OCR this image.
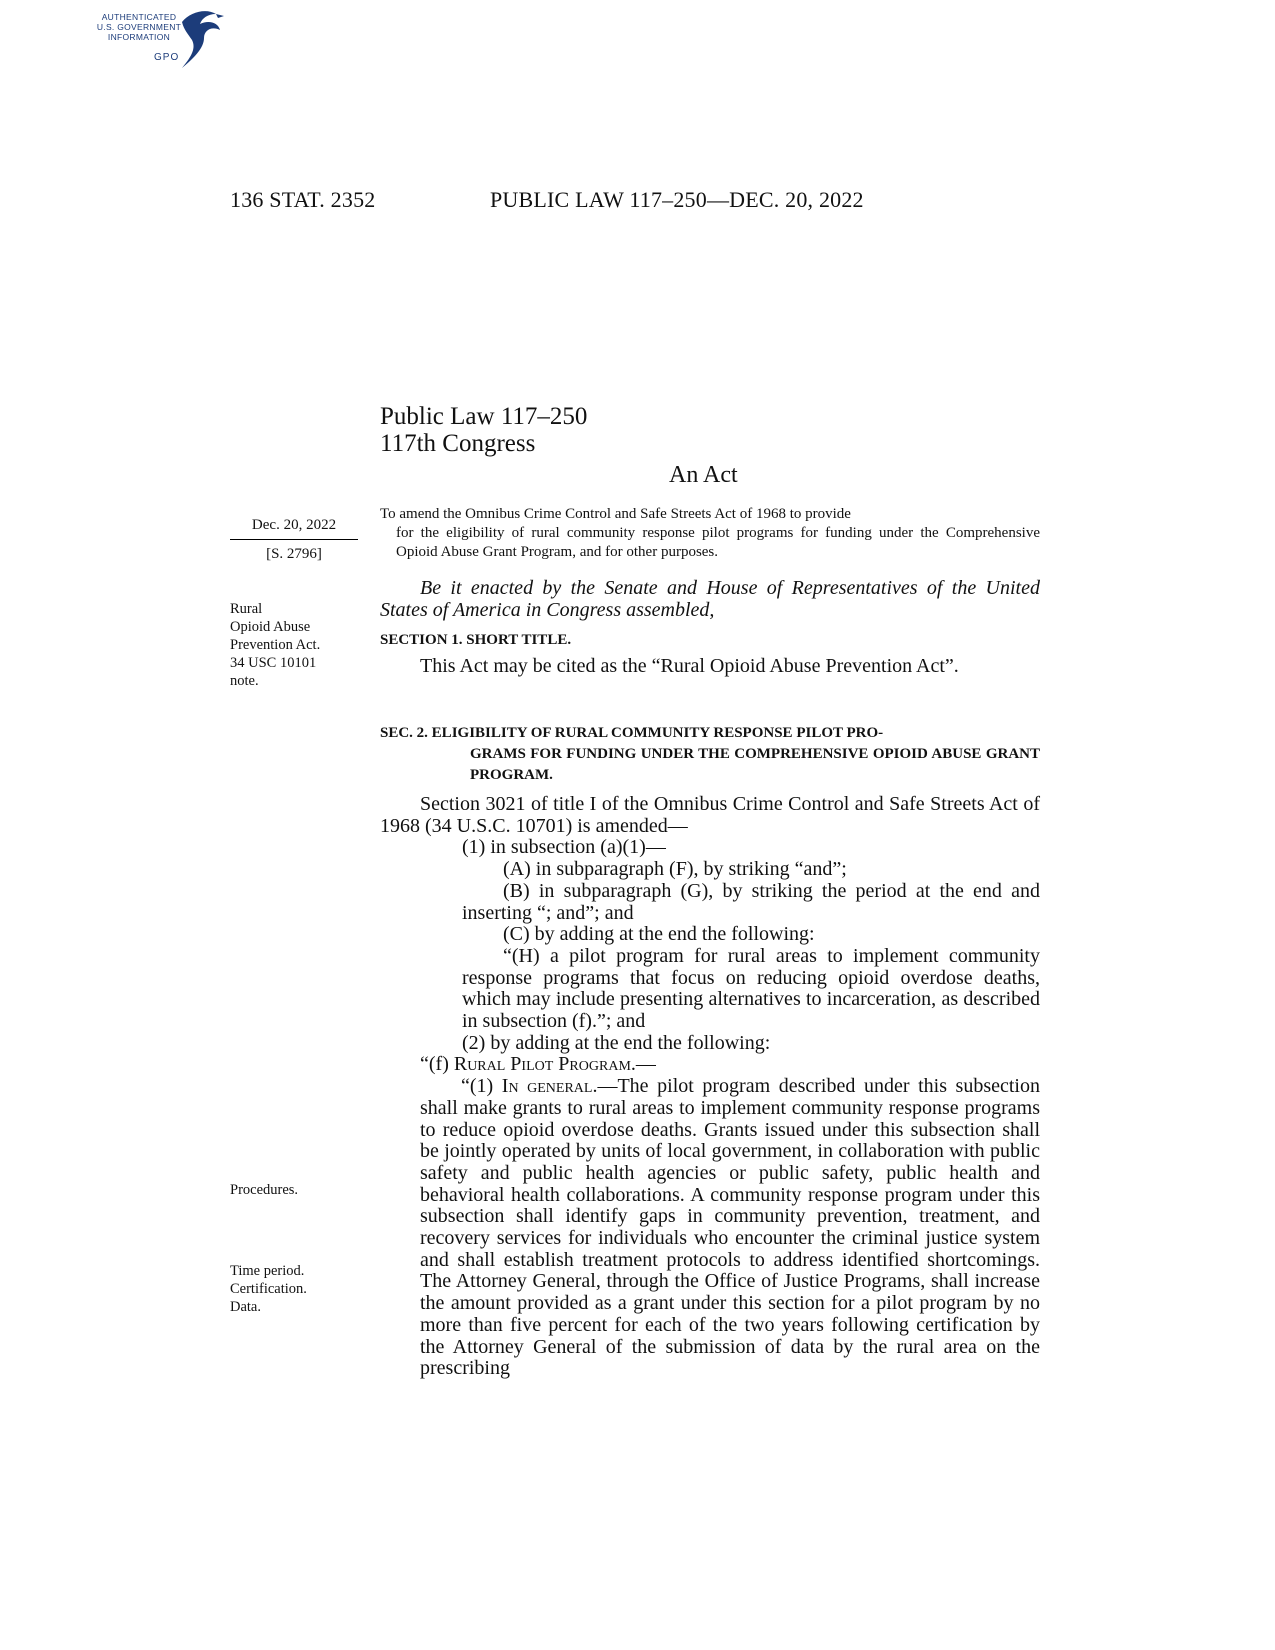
AUTHENTICATED
U.S. GOVERNMENT
INFORMATION
GPO
136 STAT. 2352	PUBLIC LAW 117–250—DEC. 20, 2022
Public Law 117–250
117th Congress
An Act
Dec. 20, 2022
[S. 2796]
To amend the Omnibus Crime Control and Safe Streets Act of 1968 to provide
for the eligibility of rural community response pilot programs for funding under the Comprehensive Opioid Abuse Grant Program, and for other purposes.
Be it enacted by the Senate and House of Representatives of the United States of America in Congress assembled,
Rural
Opioid Abuse
Prevention Act.
34 USC 10101
note.
SECTION 1. SHORT TITLE.

This Act may be cited as the “Rural Opioid Abuse Prevention Act”.

SEC. 2. ELIGIBILITY OF RURAL COMMUNITY RESPONSE PILOT PRO-
GRAMS FOR FUNDING UNDER THE COMPREHENSIVE OPIOID ABUSE GRANT PROGRAM.

Section 3021 of title I of the Omnibus Crime Control and Safe Streets Act of 1968 (34 U.S.C. 10701) is amended—

(1) in subsection (a)(1)—

(A) in subparagraph (F), by striking “and”;

(B) in subparagraph (G), by striking the period at the end and inserting “; and”; and

(C) by adding at the end the following:

“(H) a pilot program for rural areas to implement community response programs that focus on reducing opioid overdose deaths, which may include presenting alternatives to incarceration, as described in subsection (f).”; and

(2) by adding at the end the following:

“(f) Rural Pilot Program.—

“(1) In general.—The pilot program described under this subsection shall make grants to rural areas to implement community response programs to reduce opioid overdose deaths. Grants issued under this subsection shall be jointly operated by units of local government, in collaboration with public safety and public health agencies or public safety, public health and behavioral health collaborations. A community response program under this subsection shall identify gaps in community prevention, treatment, and recovery services for individuals who encounter the criminal justice system and shall establish treatment protocols to address identified shortcomings. The Attorney General, through the Office of Justice Programs, shall increase the amount provided as a grant under this section for a pilot program by no more than five percent for each of the two years following certification by the Attorney General of the submission of data by the rural area on the prescribing

Procedures.
Time period.
Certification.
Data.
